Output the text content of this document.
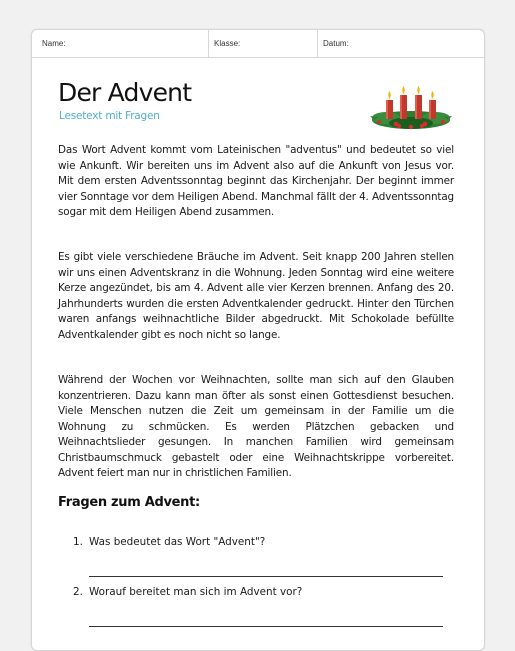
Name:	Klasse:	Datum:
Der Advent
Lesetext mit Fragen
Das Wort Advent kommt vom Lateinischen "adventus" und bedeutet so viel wie Ankunft. Wir bereiten uns im Advent also auf die Ankunft von Jesus vor. Mit dem ersten Adventssonntag beginnt das Kirchenjahr. Der beginnt immer vier Sonntage vor dem Heiligen Abend. Manchmal fällt der 4. Adventssonntag sogar mit dem Heiligen Abend zusammen.
Es gibt viele verschiedene Bräuche im Advent. Seit knapp 200 Jahren stellen wir uns einen Adventskranz in die Wohnung. Jeden Sonntag wird eine weitere Kerze angezündet, bis am 4. Advent alle vier Kerzen brennen. Anfang des 20. Jahrhunderts wurden die ersten Adventkalender gedruckt. Hinter den Türchen waren anfangs weihnachtliche Bilder abgedruckt. Mit Schokolade befüllte Adventkalender gibt es noch nicht so lange.
Während der Wochen vor Weihnachten, sollte man sich auf den Glauben konzentrieren. Dazu kann man öfter als sonst einen Gottesdienst besuchen. Viele Menschen nutzen die Zeit um gemeinsam in der Familie um die Wohnung zu schmücken. Es werden Plätzchen gebacken und Weihnachtslieder gesungen. In manchen Familien wird gemeinsam Christbaumschmuck gebastelt oder eine Weihnachtskrippe vorbereitet. Advent feiert man nur in christlichen Familien.
Fragen zum Advent:
1. Was bedeutet das Wort "Advent"?
2. Worauf bereitet man sich im Advent vor?
